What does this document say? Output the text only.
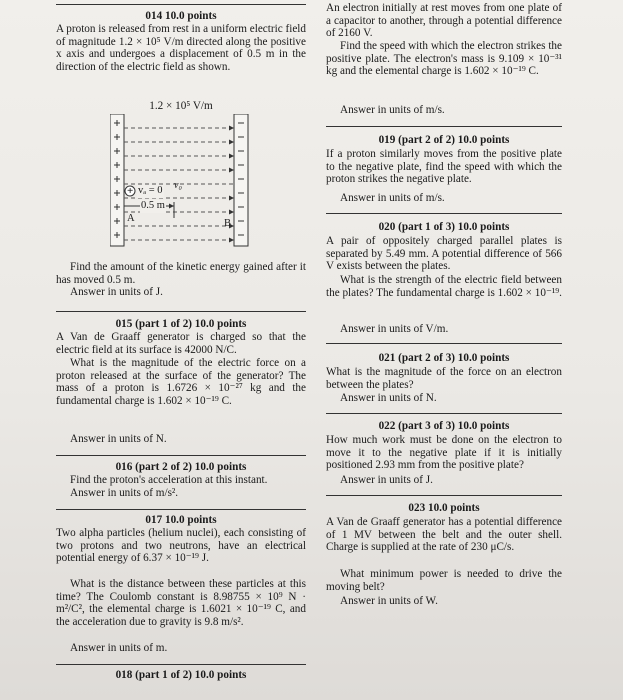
014 10.0 points
A proton is released from rest in a uniform electric field of magnitude 1.2 × 10⁵ V/m directed along the positive x axis and undergoes a displacement of 0.5 m in the direction of the electric field as shown.
1.2 × 10⁵ V/m
vₐ = 0 v₀
+
0.5 m
A	B
Find the amount of the kinetic energy gained after it has moved 0.5 m.
Answer in units of J.
015 (part 1 of 2) 10.0 points
A Van de Graaff generator is charged so that the electric field at its surface is 42000 N/C.
What is the magnitude of the electric force on a proton released at the surface of the generator? The mass of a proton is 1.6726 × 10⁻²⁷ kg and the fundamental charge is 1.602 × 10⁻¹⁹ C.
Answer in units of N.
016 (part 2 of 2) 10.0 points
Find the proton's acceleration at this instant.
Answer in units of m/s².
017 10.0 points
Two alpha particles (helium nuclei), each consisting of two protons and two neutrons, have an electrical potential energy of 6.37 × 10⁻¹⁹ J.
What is the distance between these particles at this time? The Coulomb constant is 8.98755 × 10⁹ N · m²/C², the elemental charge is 1.6021 × 10⁻¹⁹ C, and the acceleration due to gravity is 9.8 m/s².
Answer in units of m.
018 (part 1 of 2) 10.0 points
An electron initially at rest moves from one plate of a capacitor to another, through a potential difference of 2160 V.
Find the speed with which the electron strikes the positive plate. The electron's mass is 9.109 × 10⁻³¹ kg and the elemental charge is 1.602 × 10⁻¹⁹ C.
Answer in units of m/s.
019 (part 2 of 2) 10.0 points
If a proton similarly moves from the positive plate to the negative plate, find the speed with which the proton strikes the negative plate.
Answer in units of m/s.
020 (part 1 of 3) 10.0 points
A pair of oppositely charged parallel plates is separated by 5.49 mm. A potential difference of 566 V exists between the plates.
What is the strength of the electric field between the plates? The fundamental charge is 1.602 × 10⁻¹⁹.
Answer in units of V/m.
021 (part 2 of 3) 10.0 points
What is the magnitude of the force on an electron between the plates?
Answer in units of N.
022 (part 3 of 3) 10.0 points
How much work must be done on the electron to move it to the negative plate if it is initially positioned 2.93 mm from the positive plate?
Answer in units of J.
023 10.0 points
A Van de Graaff generator has a potential difference of 1 MV between the belt and the outer shell. Charge is supplied at the rate of 230 μC/s.
What minimum power is needed to drive the moving belt?
Answer in units of W.
